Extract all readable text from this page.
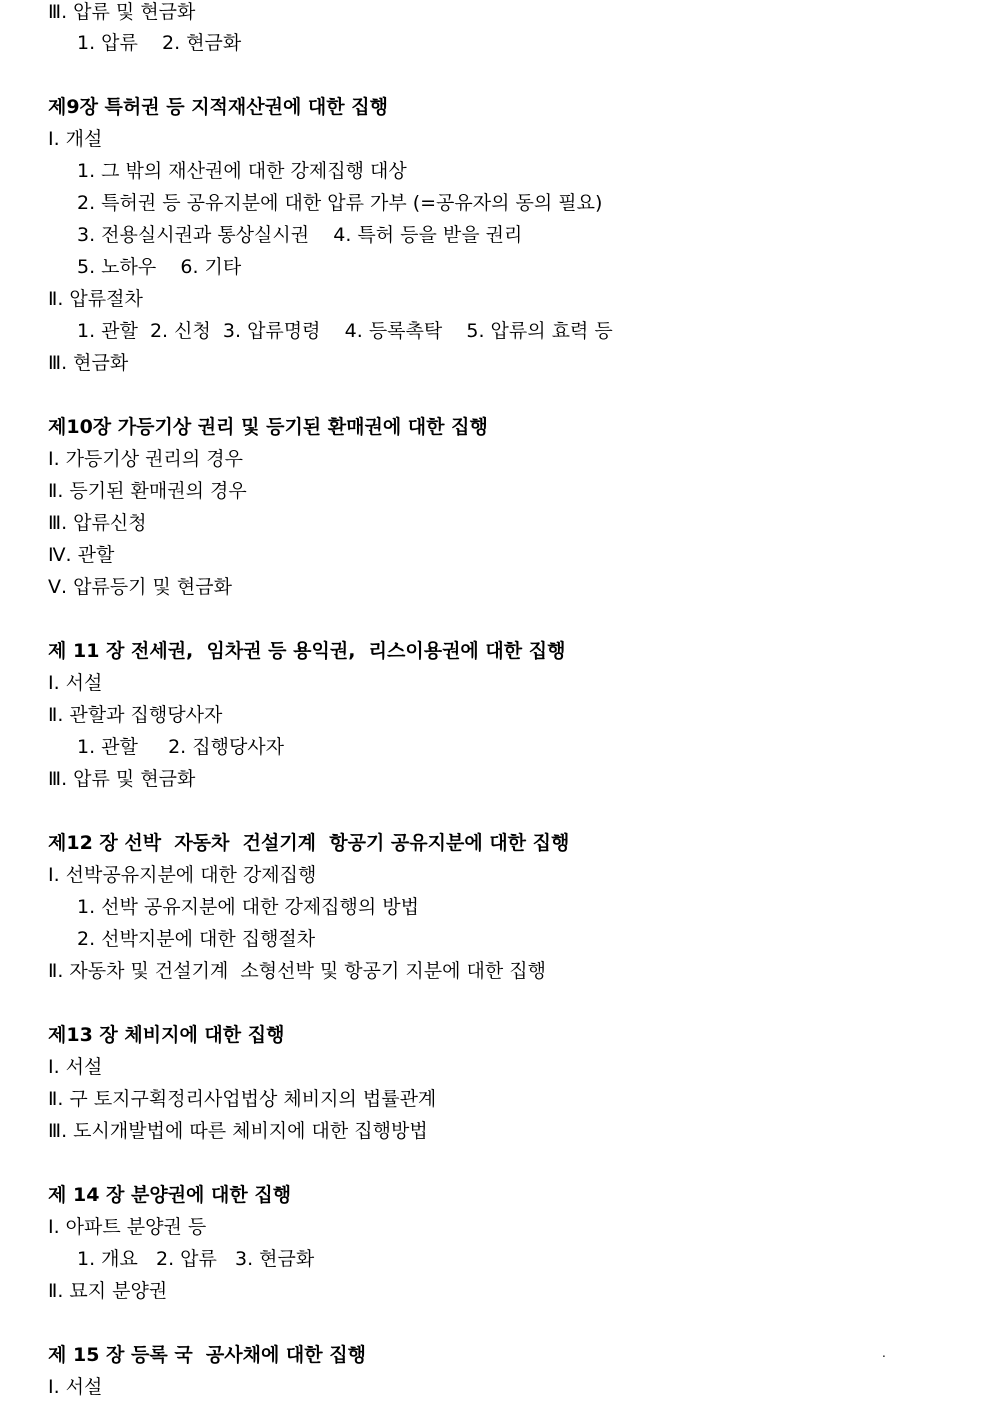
Ⅲ. 압류 및 현금화
1. 압류    2. 현금화
제9장 특허권 등 지적재산권에 대한 집행
Ⅰ. 개설
1. 그 밖의 재산권에 대한 강제집행 대상
2. 특허권 등 공유지분에 대한 압류 가부 (=공유자의 동의 필요)
3. 전용실시권과 통상실시권    4. 특허 등을 받을 권리
5. 노하우    6. 기타
Ⅱ. 압류절차
1. 관할  2. 신청  3. 압류명령    4. 등록촉탁    5. 압류의 효력 등
Ⅲ. 현금화
제10장 가등기상 권리 및 등기된 환매권에 대한 집행
Ⅰ. 가등기상 권리의 경우
Ⅱ. 등기된 환매권의 경우
Ⅲ. 압류신청
Ⅳ. 관할
Ⅴ. 압류등기 및 현금화
제 11 장 전세권,  임차권 등 용익권,  리스이용권에 대한 집행
Ⅰ. 서설
Ⅱ. 관할과 집행당사자
1. 관할     2. 집행당사자
Ⅲ. 압류 및 현금화
제12 장 선박  자동차  건설기계  항공기 공유지분에 대한 집행
Ⅰ. 선박공유지분에 대한 강제집행
1. 선박 공유지분에 대한 강제집행의 방법
2. 선박지분에 대한 집행절차
Ⅱ. 자동차 및 건설기계  소형선박 및 항공기 지분에 대한 집행
제13 장 체비지에 대한 집행
Ⅰ. 서설
Ⅱ. 구 토지구획정리사업법상 체비지의 법률관계
Ⅲ. 도시개발법에 따른 체비지에 대한 집행방법
제 14 장 분양권에 대한 집행
Ⅰ. 아파트 분양권 등
1. 개요   2. 압류   3. 현금화
Ⅱ. 묘지 분양권
제 15 장 등록 국  공사채에 대한 집행	.
Ⅰ. 서설
